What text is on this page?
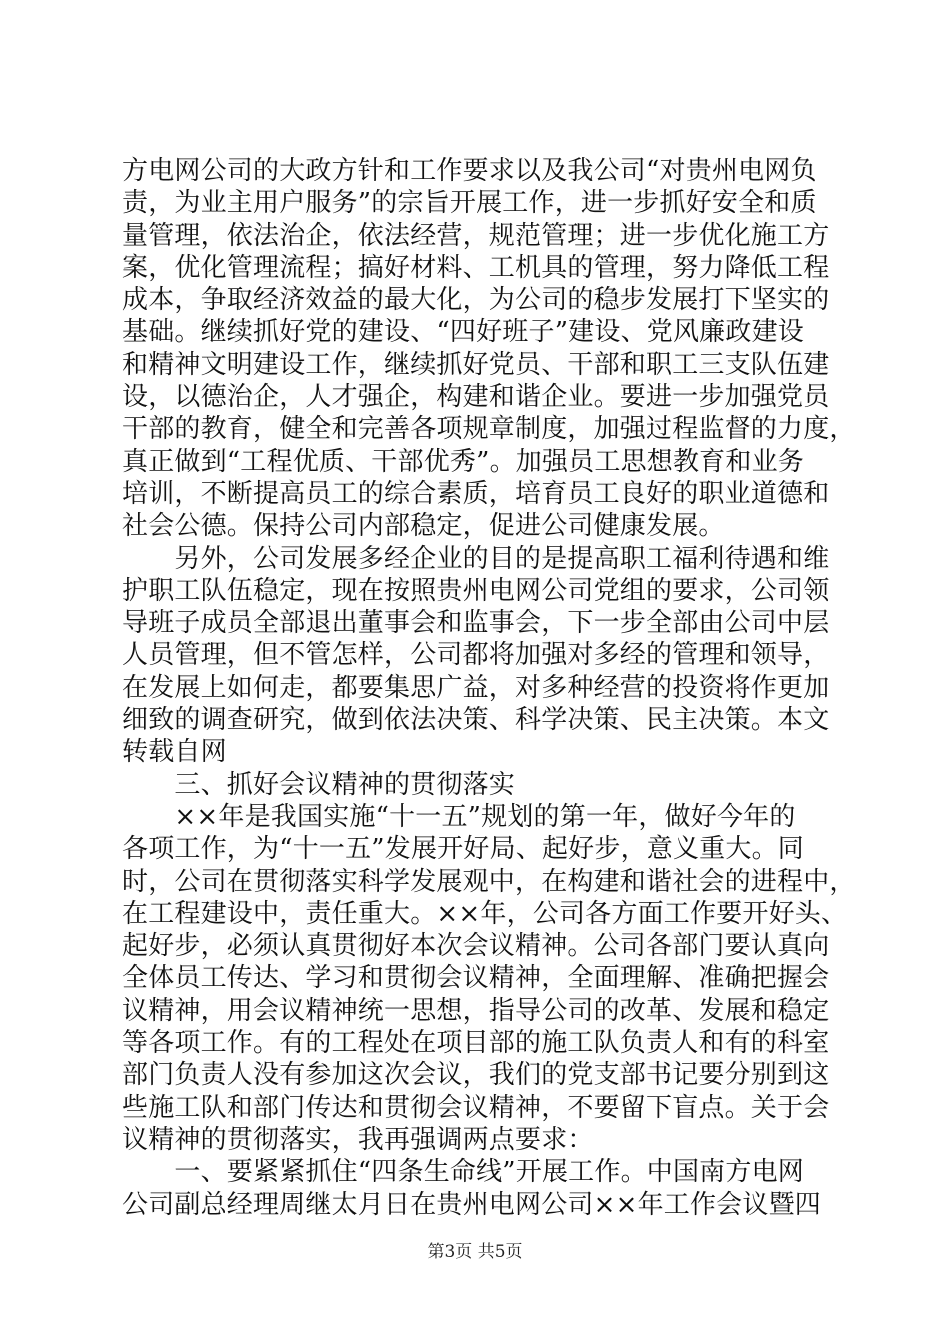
方电网公司的大政方针和工作要求以及我公司“对贵州电网负
责，为业主用户服务”的宗旨开展工作，进一步抓好安全和质
量管理，依法治企，依法经营，规范管理；进一步优化施工方
案，优化管理流程；搞好材料、工机具的管理，努力降低工程
成本，争取经济效益的最大化，为公司的稳步发展打下坚实的
基础。继续抓好党的建设、“四好班子”建设、党风廉政建设
和精神文明建设工作，继续抓好党员、干部和职工三支队伍建
设，以德治企，人才强企，构建和谐企业。要进一步加强党员
干部的教育，健全和完善各项规章制度，加强过程监督的力度，
真正做到“工程优质、干部优秀”。加强员工思想教育和业务
培训，不断提高员工的综合素质，培育员工良好的职业道德和
社会公德。保持公司内部稳定，促进公司健康发展。
　　另外，公司发展多经企业的目的是提高职工福利待遇和维
护职工队伍稳定，现在按照贵州电网公司党组的要求，公司领
导班子成员全部退出董事会和监事会，下一步全部由公司中层
人员管理，但不管怎样，公司都将加强对多经的管理和领导，
在发展上如何走，都要集思广益，对多种经营的投资将作更加
细致的调查研究，做到依法决策、科学决策、民主决策。本文
转载自网
　　三、抓好会议精神的贯彻落实
　　××年是我国实施“十一五”规划的第一年，做好今年的
各项工作，为“十一五”发展开好局、起好步，意义重大。同
时，公司在贯彻落实科学发展观中，在构建和谐社会的进程中，
在工程建设中，责任重大。××年，公司各方面工作要开好头、
起好步，必须认真贯彻好本次会议精神。公司各部门要认真向
全体员工传达、学习和贯彻会议精神，全面理解、准确把握会
议精神，用会议精神统一思想，指导公司的改革、发展和稳定
等各项工作。有的工程处在项目部的施工队负责人和有的科室
部门负责人没有参加这次会议，我们的党支部书记要分别到这
些施工队和部门传达和贯彻会议精神，不要留下盲点。关于会
议精神的贯彻落实，我再强调两点要求：
　　一、要紧紧抓住“四条生命线”开展工作。中国南方电网
公司副总经理周继太月日在贵州电网公司××年工作会议暨四
第3页 共5页
